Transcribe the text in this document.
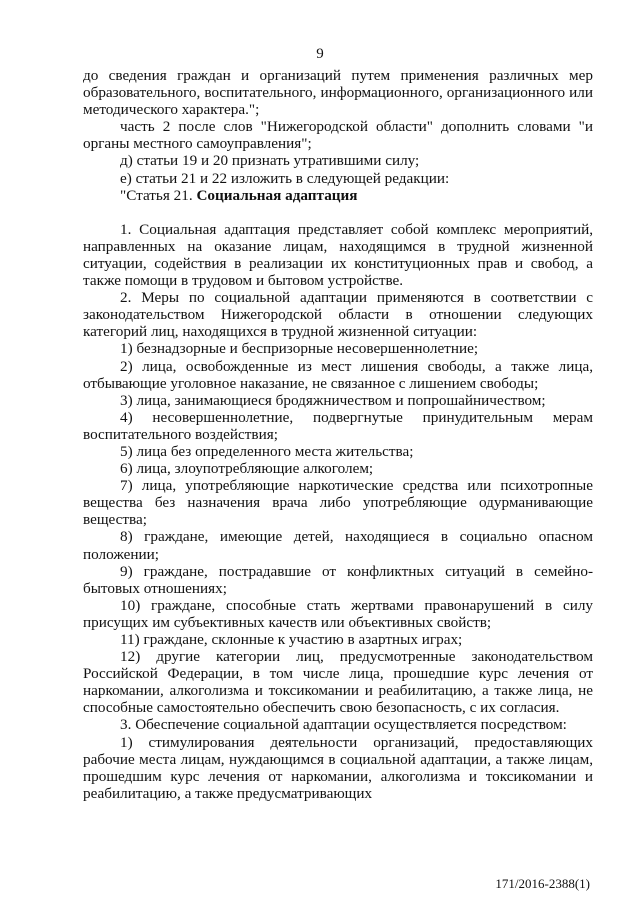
9

до сведения граждан и организаций путем применения различных мер образовательного, воспитательного, информационного, организационного или методического характера.";

часть 2 после слов "Нижегородской области" дополнить словами "и органы местного самоуправления";

д) статьи 19 и 20 признать утратившими силу;

е) статьи 21 и 22 изложить в следующей редакции:

"Статья 21. Социальная адаптация

1. Социальная адаптация представляет собой комплекс мероприятий, направленных на оказание лицам, находящимся в трудной жизненной ситуации, содействия в реализации их конституционных прав и свобод, а также помощи в трудовом и бытовом устройстве.

2. Меры по социальной адаптации применяются в соответствии с законодательством Нижегородской области в отношении следующих категорий лиц, находящихся в трудной жизненной ситуации:

1) безнадзорные и беспризорные несовершеннолетние;

2) лица, освобожденные из мест лишения свободы, а также лица, отбывающие уголовное наказание, не связанное с лишением свободы;

3) лица, занимающиеся бродяжничеством и попрошайничеством;

4) несовершеннолетние, подвергнутые принудительным мерам воспитательного воздействия;

5) лица без определенного места жительства;

6) лица, злоупотребляющие алкоголем;

7) лица, употребляющие наркотические средства или психотропные вещества без назначения врача либо употребляющие одурманивающие вещества;

8) граждане, имеющие детей, находящиеся в социально опасном положении;

9) граждане, пострадавшие от конфликтных ситуаций в семейно-бытовых отношениях;

10) граждане, способные стать жертвами правонарушений в силу присущих им субъективных качеств или объективных свойств;

11) граждане, склонные к участию в азартных играх;

12) другие категории лиц, предусмотренные законодательством Российской Федерации, в том числе лица, прошедшие курс лечения от наркомании, алкоголизма и токсикомании и реабилитацию, а также лица, не способные самостоятельно обеспечить свою безопасность, с их согласия.

3. Обеспечение социальной адаптации осуществляется посредством:

1) стимулирования деятельности организаций, предоставляющих рабочие места лицам, нуждающимся в социальной адаптации, а также лицам, прошедшим курс лечения от наркомании, алкоголизма и токсикомании и реабилитацию, а также предусматривающих

171/2016-2388(1)
